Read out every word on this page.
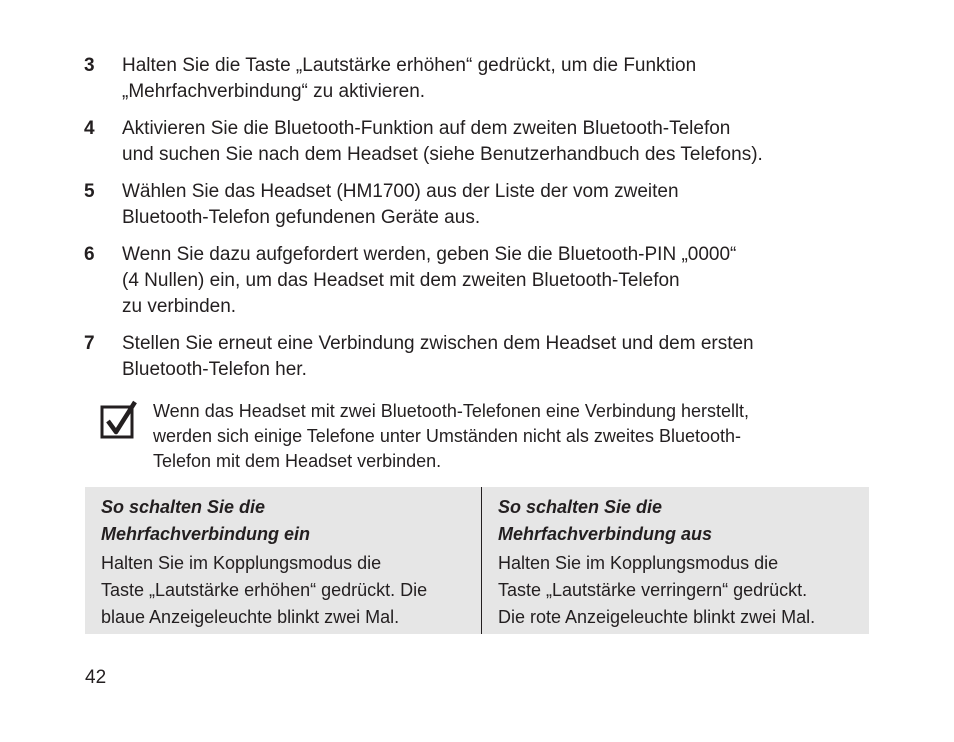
3	Halten Sie die Taste „Lautstärke erhöhen“ gedrückt, um die Funktion
„Mehrfachverbindung“ zu aktivieren.
4	Aktivieren Sie die Bluetooth-Funktion auf dem zweiten Bluetooth-Telefon
und suchen Sie nach dem Headset (siehe Benutzerhandbuch des Telefons).
5	Wählen Sie das Headset (HM1700) aus der Liste der vom zweiten
Bluetooth-Telefon gefundenen Geräte aus.
6	Wenn Sie dazu aufgefordert werden, geben Sie die Bluetooth-PIN „0000“
(4 Nullen) ein, um das Headset mit dem zweiten Bluetooth-Telefon
zu verbinden.
7	Stellen Sie erneut eine Verbindung zwischen dem Headset und dem ersten
Bluetooth-Telefon her.
Wenn das Headset mit zwei Bluetooth-Telefonen eine Verbindung herstellt,
werden sich einige Telefone unter Umständen nicht als zweites Bluetooth-
Telefon mit dem Headset verbinden.
So schalten Sie die
Mehrfachverbindung ein
Halten Sie im Kopplungsmodus die
Taste „Lautstärke erhöhen“ gedrückt. Die
blaue Anzeigeleuchte blinkt zwei Mal.
So schalten Sie die
Mehrfachverbindung aus
Halten Sie im Kopplungsmodus die
Taste „Lautstärke verringern“ gedrückt.
Die rote Anzeigeleuchte blinkt zwei Mal.
42
